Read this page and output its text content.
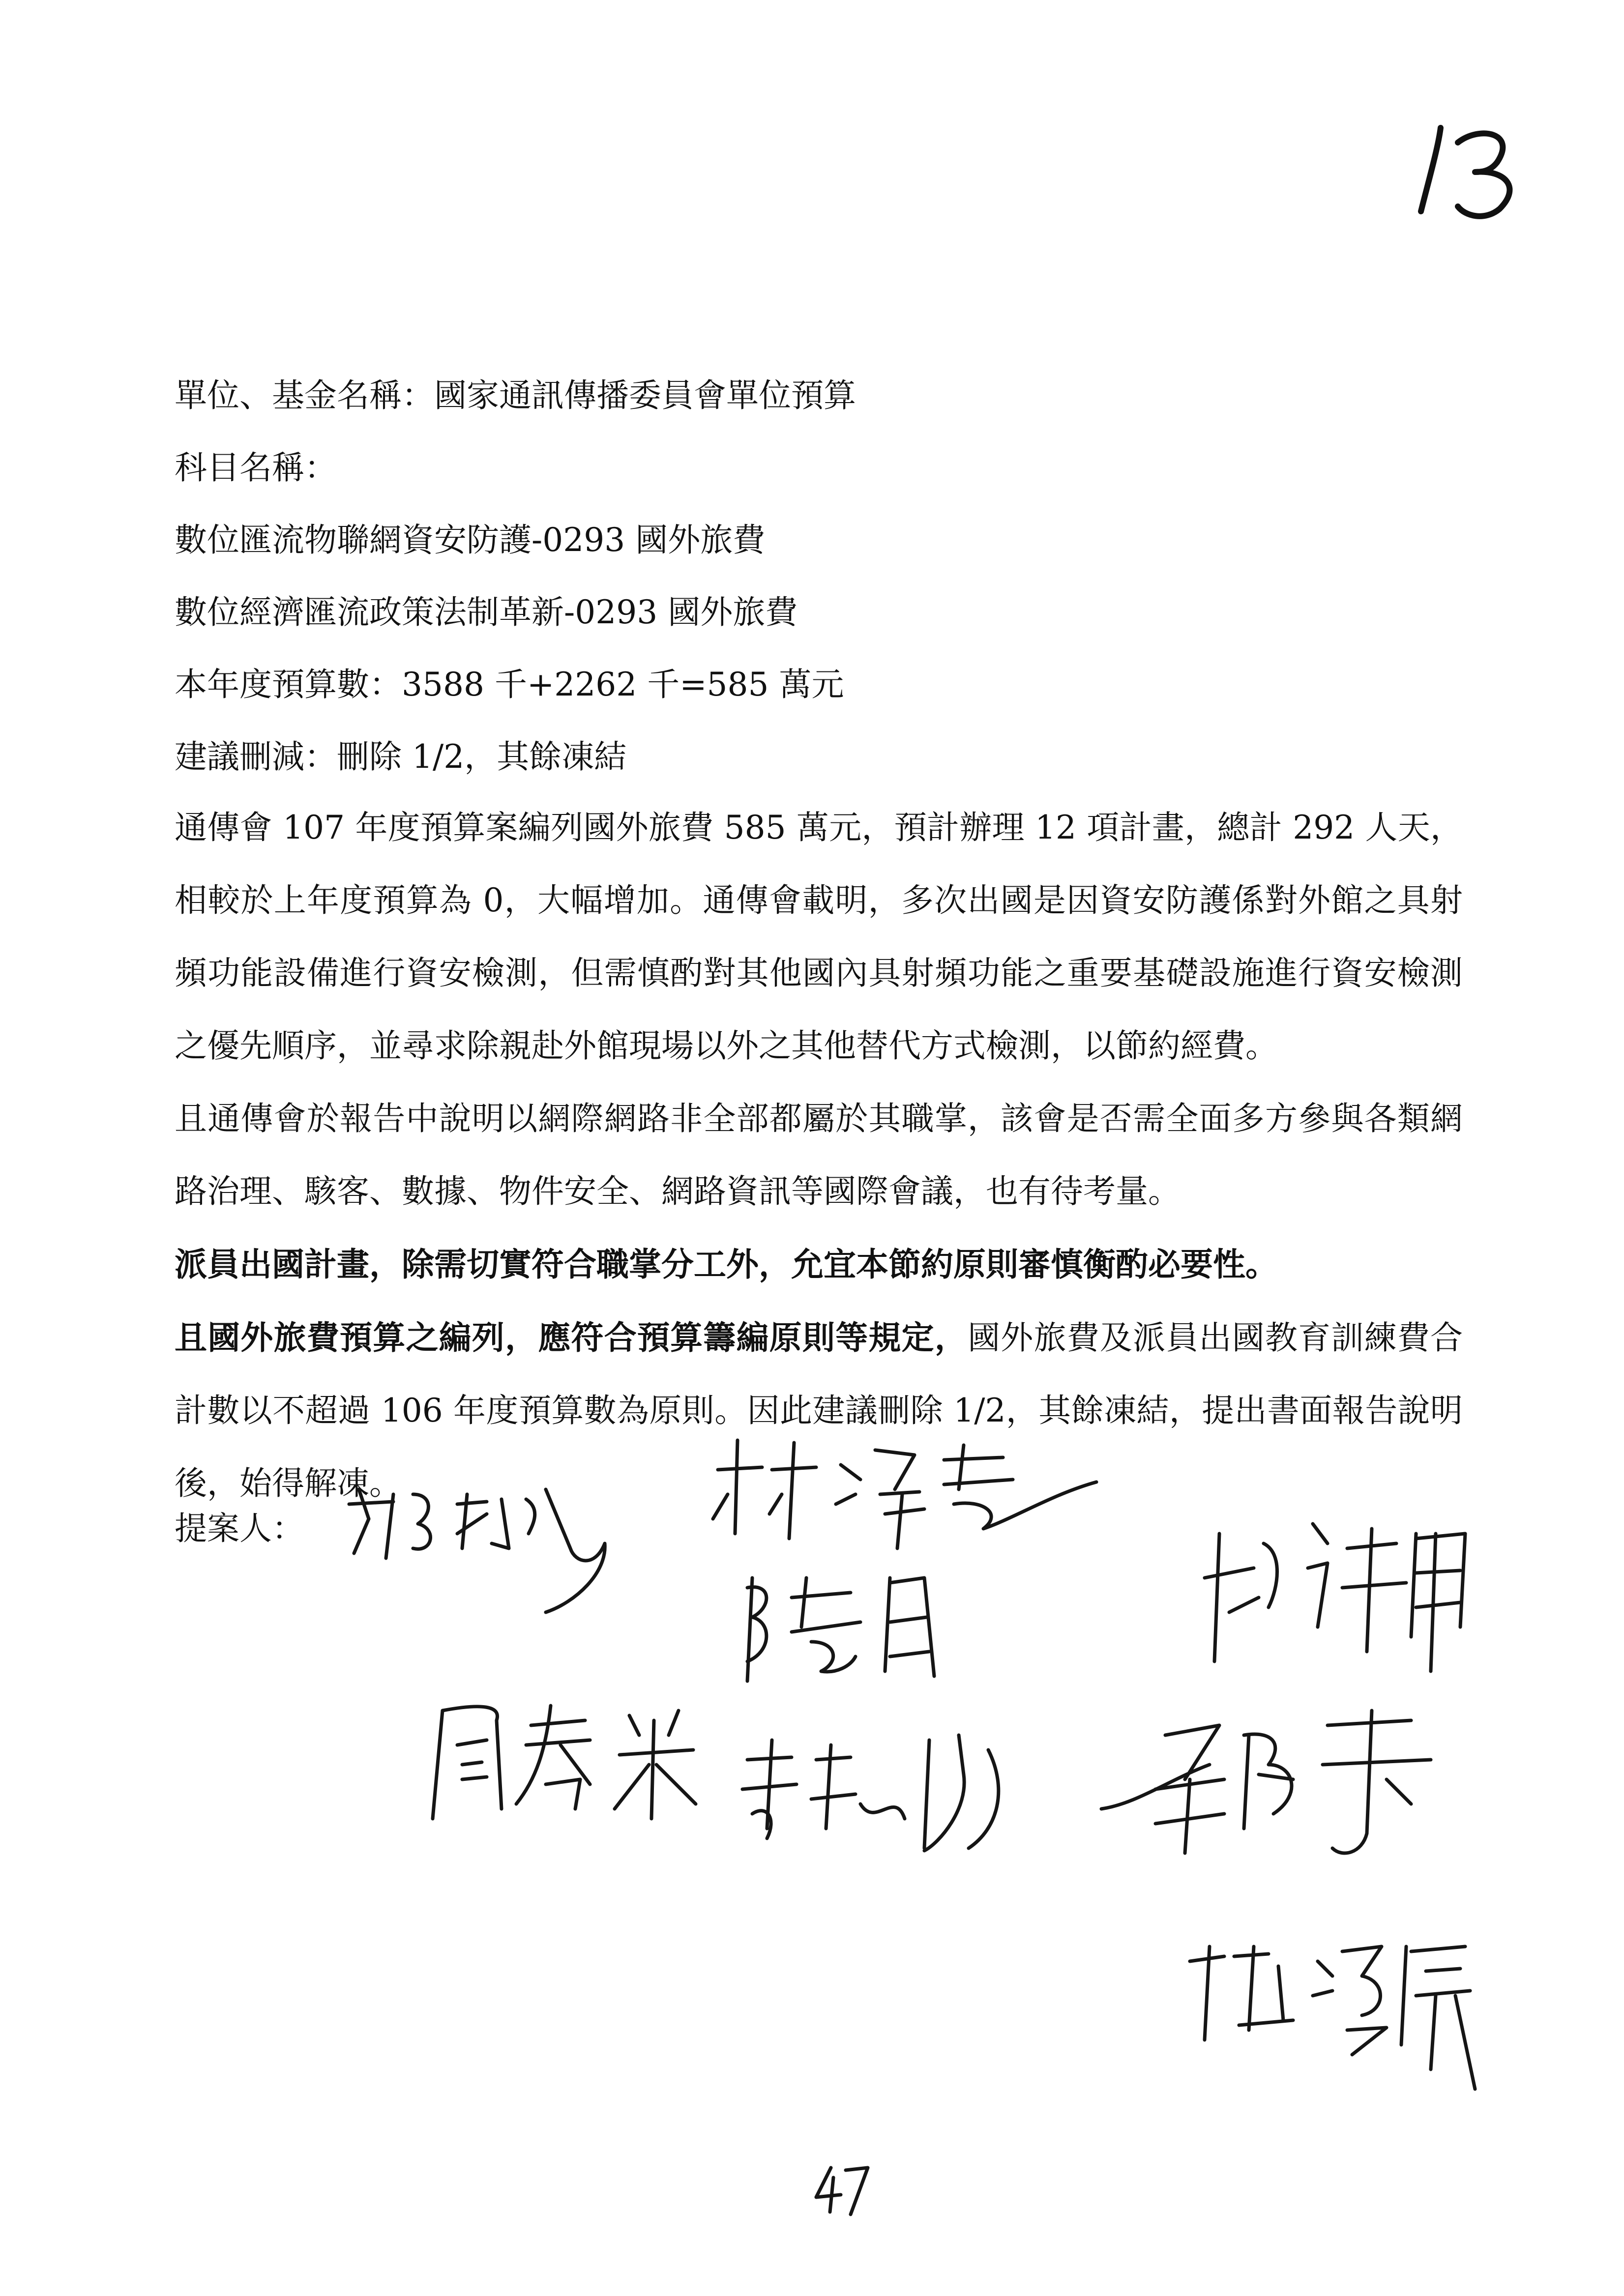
單位、基金名稱：國家通訊傳播委員會單位預算
科目名稱：
數位匯流物聯網資安防護-0293 國外旅費
數位經濟匯流政策法制革新-0293 國外旅費
本年度預算數：3588 千+2262 千=585 萬元
建議刪減：刪除 1/2，其餘凍結

通傳會 107 年度預算案編列國外旅費 585 萬元，預計辦理 12 項計畫，總計 292 人天，相較於上年度預算為 0，大幅增加。通傳會載明，多次出國是因資安防護係對外館之具射頻功能設備進行資安檢測，但需慎酌對其他國內具射頻功能之重要基礎設施進行資安檢測之優先順序，並尋求除親赴外館現場以外之其他替代方式檢測，以節約經費。

且通傳會於報告中說明以網際網路非全部都屬於其職掌，該會是否需全面多方參與各類網路治理、駭客、數據、物件安全、網路資訊等國際會議，也有待考量。

派員出國計畫，除需切實符合職掌分工外，允宜本節約原則審慎衡酌必要性。
且國外旅費預算之編列，應符合預算籌編原則等規定，國外旅費及派員出國教育訓練費合計數以不超過 106 年度預算數為原則。因此建議刪除 1/2，其餘凍結，提出書面報告說明後，始得解凍。

提案人：
